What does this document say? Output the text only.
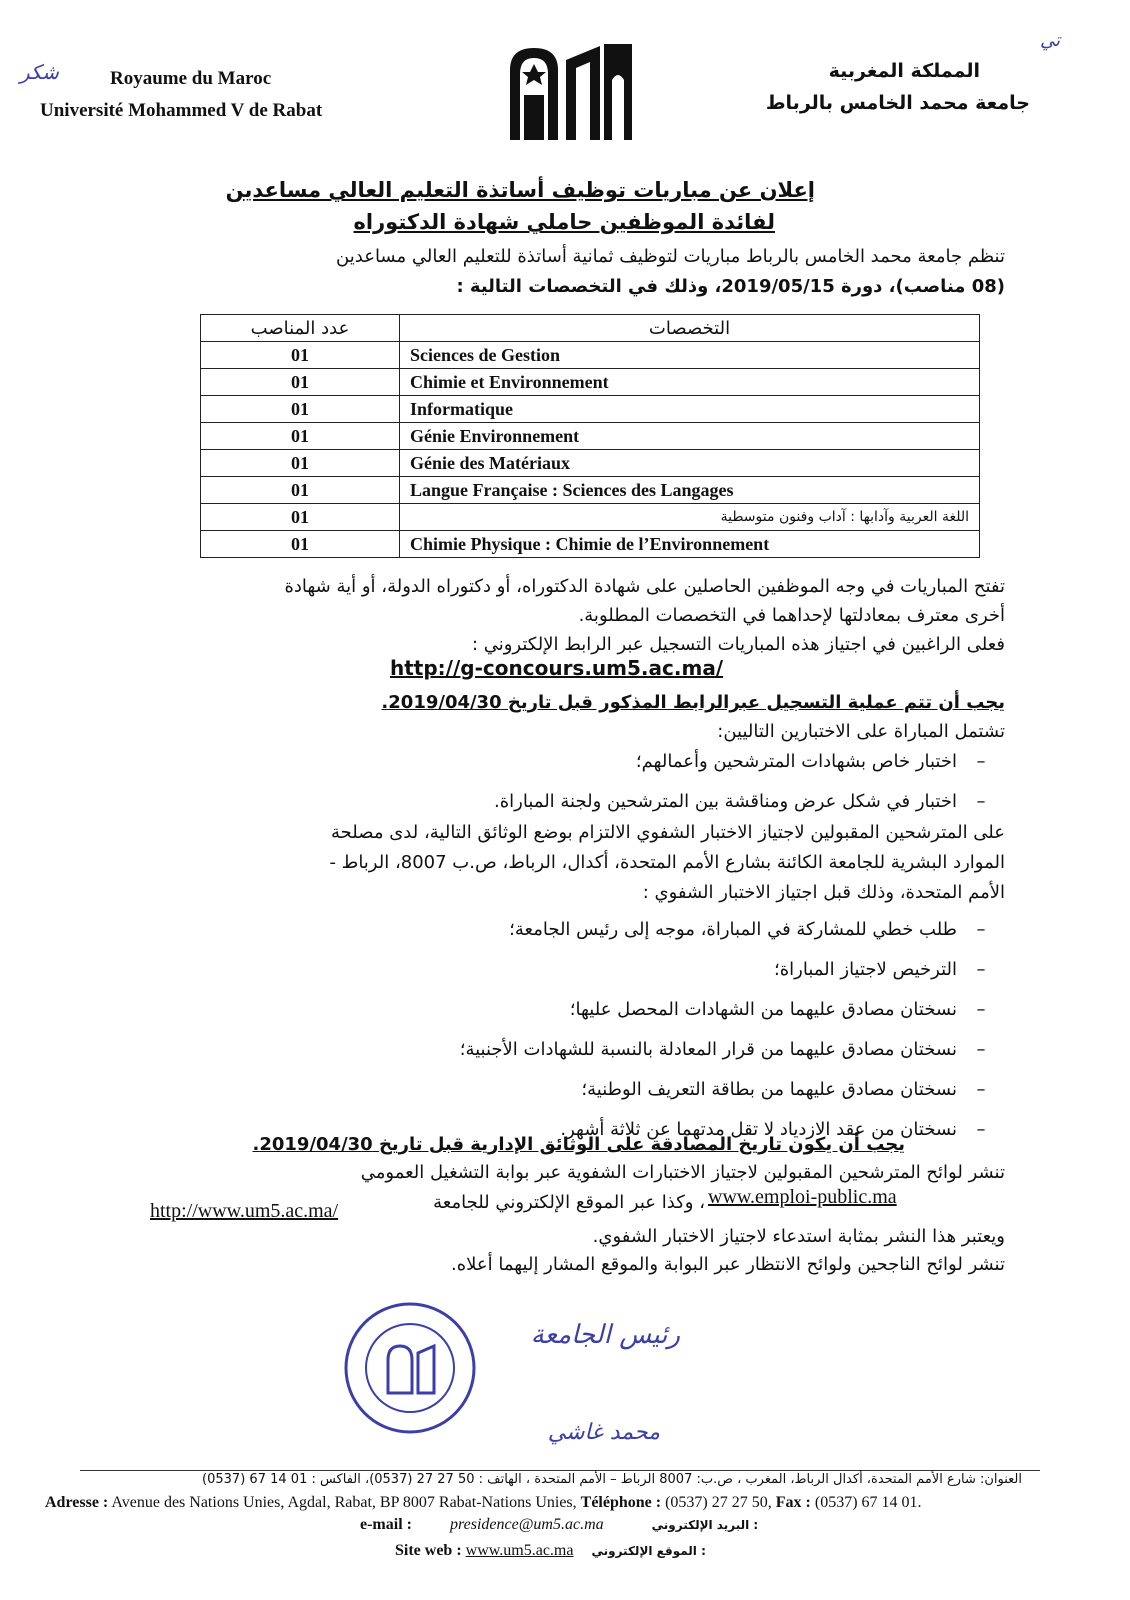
ﺷﻜﺮ
ﺗﻲ
Royaume du Maroc
Université Mohammed V de Rabat
المملكة المغربية
جامعة محمد الخامس بالرباط
إعلان عن مباريات توظيف أساتذة التعليم العالي مساعدين
لفائدة الموظفين حاملي شهادة الدكتوراه
تنظم جامعة محمد الخامس بالرباط مباريات لتوظيف ثمانية أساتذة للتعليم العالي مساعدين
(08 مناصب)، دورة 2019/05/15، وذلك في التخصصات التالية :
عدد المناصب	التخصصات
01	Sciences de Gestion
01	Chimie et Environnement
01	Informatique
01	Génie Environnement
01	Génie des Matériaux
01	Langue Française : Sciences des Langages
01	اللغة العربية وآدابها : آداب وفنون متوسطية
01	Chimie Physique : Chimie de l’Environnement
تفتح المباريات في وجه الموظفين الحاصلين على شهادة الدكتوراه، أو دكتوراه الدولة، أو أية شهادة
أخرى معترف بمعادلتها لإحداهما في التخصصات المطلوبة.
فعلى الراغبين في اجتياز هذه المباريات التسجيل عبر الرابط الإلكتروني :
http://g-concours.um5.ac.ma/
يجب أن تتم عملية التسجيل عبرالرابط المذكور قبل تاريخ 2019/04/30.
تشتمل المباراة على الاختبارين التاليين:
– اختبار خاص بشهادات المترشحين وأعمالهم؛
– اختبار في شكل عرض ومناقشة بين المترشحين ولجنة المباراة.
على المترشحين المقبولين لاجتياز الاختبار الشفوي الالتزام بوضع الوثائق التالية، لدى مصلحة
الموارد البشرية للجامعة الكائنة بشارع الأمم المتحدة، أكدال، الرباط، ص.ب 8007، الرباط -
الأمم المتحدة، وذلك قبل اجتياز الاختبار الشفوي :
– طلب خطي للمشاركة في المباراة، موجه إلى رئيس الجامعة؛
– الترخيص لاجتياز المباراة؛
– نسختان مصادق عليهما من الشهادات المحصل عليها؛
– نسختان مصادق عليهما من قرار المعادلة بالنسبة للشهادات الأجنبية؛
– نسختان مصادق عليهما من بطاقة التعريف الوطنية؛
– نسختان من عقد الازدياد لا تقل مدتهما عن ثلاثة أشهر.
يجب أن يكون تاريخ المصادقة على الوثائق الإدارية قبل تاريخ 2019/04/30.
تنشر لوائح المترشحين المقبولين لاجتياز الاختبارات الشفوية عبر بوابة التشغيل العمومي
www.emploi-public.ma
، وكذا عبر الموقع الإلكتروني للجامعة
http://www.um5.ac.ma/
ويعتبر هذا النشر بمثابة استدعاء لاجتياز الاختبار الشفوي.
تنشر لوائح الناجحين ولوائح الانتظار عبر البوابة والموقع المشار إليهما أعلاه.
رئيس الجامعة
محمد غاشي
العنوان: شارع الأمم المتحدة، أكدال الرباط، المغرب ، ص.ب: 8007 الرباط – الأمم المتحدة ، الهاتف : 50 27 27 (0537)، الفاكس : 01 14 67 (0537)
Adresse : Avenue des Nations Unies, Agdal, Rabat, BP 8007 Rabat-Nations Unies, Téléphone : (0537) 27 27 50, Fax : (0537) 67 14 01.
e-mail : presidence@um5.ac.ma	البريد الإلكتروني :
Site web : www.um5.ac.ma الموقع الإلكتروني :
